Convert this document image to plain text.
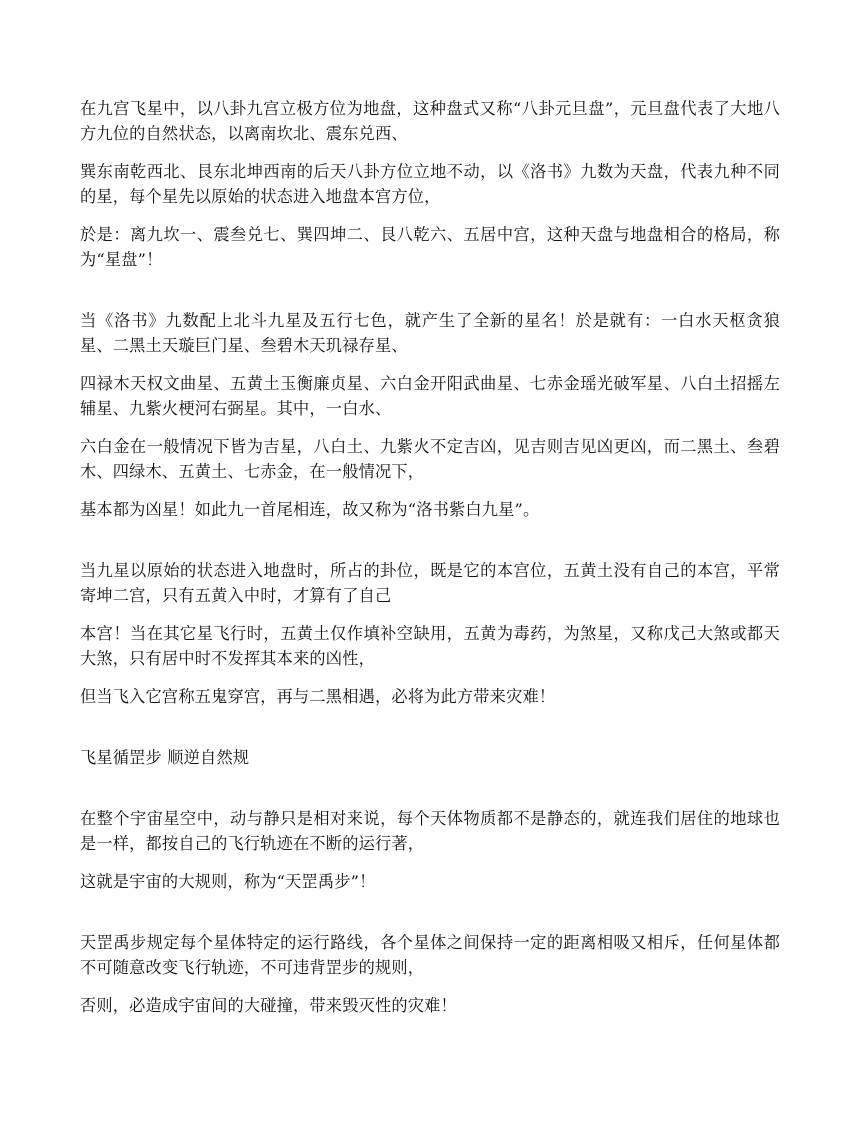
在九宫飞星中，以八卦九宫立极方位为地盘，这种盘式又称“八卦元旦盘”，元旦盘代表了大地八方九位的自然状态，以离南坎北、震东兑西、

巽东南乾西北、艮东北坤西南的后天八卦方位立地不动，以《洛书》九数为天盘，代表九种不同的星，每个星先以原始的状态进入地盘本宫方位，

於是：离九坎一、震叁兑七、巽四坤二、艮八乾六、五居中宫，这种天盘与地盘相合的格局，称为“星盘”！

当《洛书》九数配上北斗九星及五行七色，就产生了全新的星名！於是就有：一白水天枢贪狼星、二黑土天璇巨门星、叁碧木天玑禄存星、

四禄木天权文曲星、五黄土玉衡廉贞星、六白金开阳武曲星、七赤金瑶光破军星、八白土招摇左辅星、九紫火梗河右弼星。其中，一白水、

六白金在一般情况下皆为吉星，八白土、九紫火不定吉凶，见吉则吉见凶更凶，而二黑土、叁碧木、四绿木、五黄土、七赤金，在一般情况下，

基本都为凶星！如此九一首尾相连，故又称为“洛书紫白九星”。

当九星以原始的状态进入地盘时，所占的卦位，既是它的本宫位，五黄土没有自己的本宫，平常寄坤二宫，只有五黄入中时，才算有了自己

本宫！当在其它星飞行时，五黄土仅作填补空缺用，五黄为毒药，为煞星，又称戊己大煞或都天大煞，只有居中时不发挥其本来的凶性，

但当飞入它宫称五鬼穿宫，再与二黑相遇，必将为此方带来灾难！

飞星循罡步 顺逆自然规

在整个宇宙星空中，动与静只是相对来说，每个天体物质都不是静态的，就连我们居住的地球也是一样，都按自己的飞行轨迹在不断的运行著，

这就是宇宙的大规则，称为“天罡禹步”！

天罡禹步规定每个星体特定的运行路线，各个星体之间保持一定的距离相吸又相斥，任何星体都不可随意改变飞行轨迹，不可违背罡步的规则，

否则，必造成宇宙间的大碰撞，带来毁灭性的灾难！
